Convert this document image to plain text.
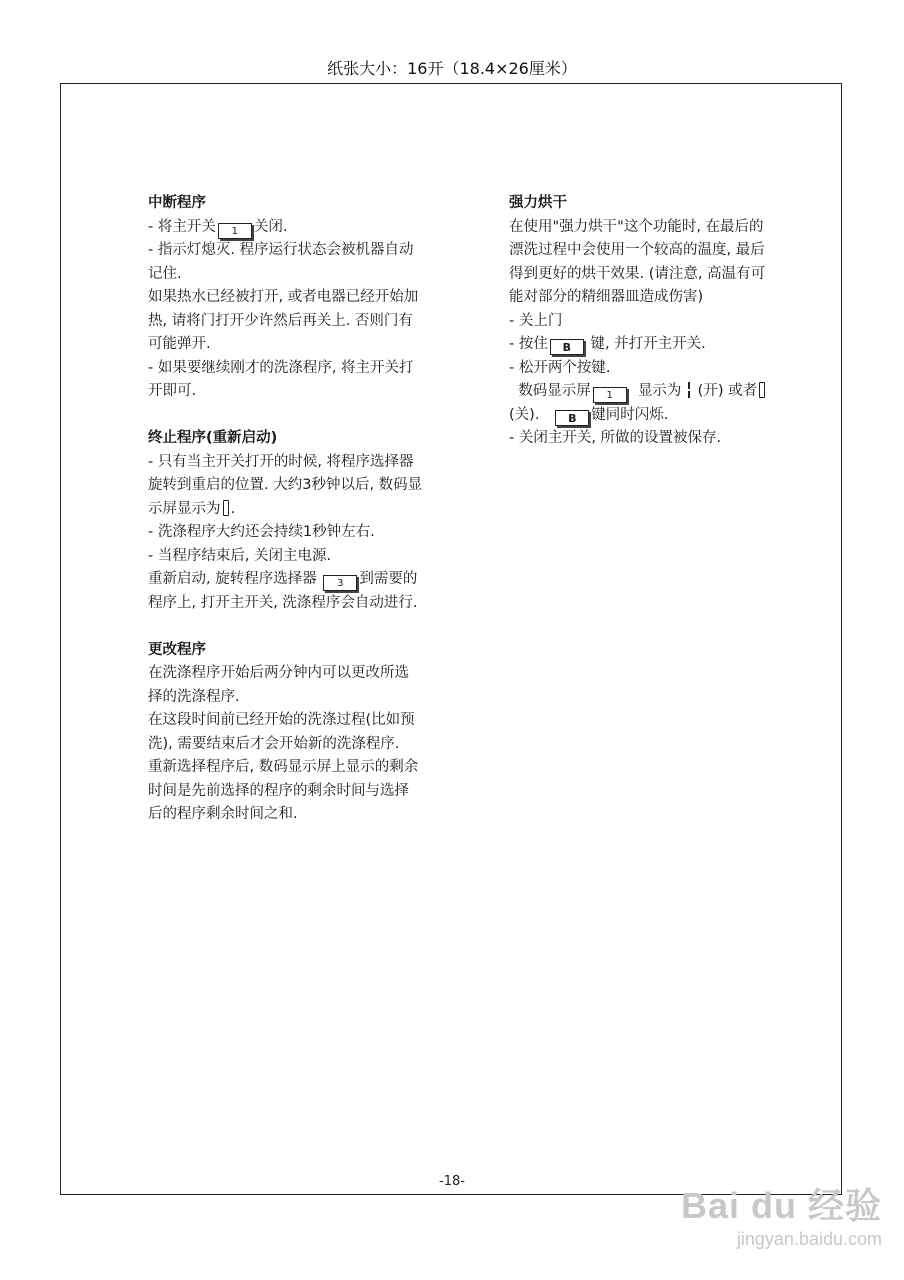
纸张大小：16开（18.4×26厘米）

中断程序

- 将主开关 1 关闭.

- 指示灯熄灭. 程序运行状态会被机器自动

记住.

如果热水已经被打开, 或者电器已经开始加

热, 请将门打开少许然后再关上. 否则门有

可能弹开.

- 如果要继续刚才的洗涤程序, 将主开关打

开即可.

终止程序(重新启动)

- 只有当主开关打开的时候, 将程序选择器

旋转到重启的位置. 大约3秒钟以后, 数码显

示屏显示为 .

- 洗涤程序大约还会持续1秒钟左右.

- 当程序结束后, 关闭主电源.

重新启动, 旋转程序选择器 3 到需要的

程序上, 打开主开关, 洗涤程序会自动进行.

更改程序

在洗涤程序开始后两分钟内可以更改所选

择的洗涤程序.

在这段时间前已经开始的洗涤过程(比如预

洗), 需要结束后才会开始新的洗涤程序.

重新选择程序后, 数码显示屏上显示的剩余

时间是先前选择的程序的剩余时间与选择

后的程序剩余时间之和.

强力烘干

在使用"强力烘干"这个功能时, 在最后的

漂洗过程中会使用一个较高的温度, 最后

得到更好的烘干效果. (请注意, 高温有可

能对部分的精细器皿造成伤害)

- 关上门

- 按住 B 键, 并打开主开关.

- 松开两个按键.

数码显示屏 1 显示为 (开) 或者

(关).	B 键同时闪烁.

- 关闭主开关, 所做的设置被保存.

-18-
Bai du 经验
jingyan.baidu.com
